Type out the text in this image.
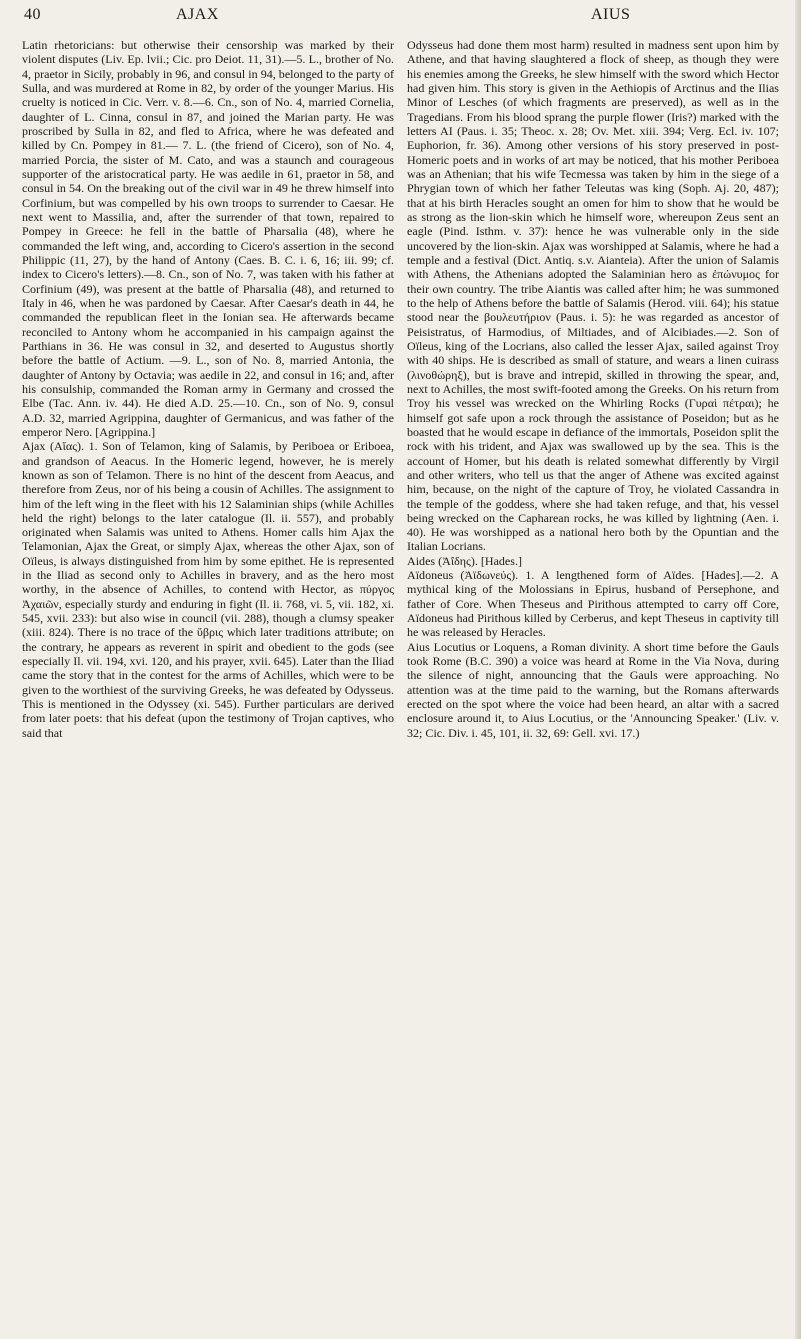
40	AJAX	AIUS

Latin rhetoricians: but otherwise their censorship was marked by their violent disputes (Liv. Ep. lvii.; Cic. pro Deiot. 11, 31).—5. L., brother of No. 4, praetor in Sicily, probably in 96, and consul in 94, belonged to the party of Sulla, and was murdered at Rome in 82, by order of the younger Marius. His cruelty is noticed in Cic. Verr. v. 8.—6. Cn., son of No. 4, married Cornelia, daughter of L. Cinna, consul in 87, and joined the Marian party. He was proscribed by Sulla in 82, and fled to Africa, where he was defeated and killed by Cn. Pompey in 81.— 7. L. (the friend of Cicero), son of No. 4, married Porcia, the sister of M. Cato, and was a staunch and courageous supporter of the aristocratical party. He was aedile in 61, praetor in 58, and consul in 54. On the breaking out of the civil war in 49 he threw himself into Corfinium, but was compelled by his own troops to surrender to Caesar. He next went to Massilia, and, after the surrender of that town, repaired to Pompey in Greece: he fell in the battle of Pharsalia (48), where he commanded the left wing, and, according to Cicero's assertion in the second Philippic (11, 27), by the hand of Antony (Caes. B. C. i. 6, 16; iii. 99; cf. index to Cicero's letters).—8. Cn., son of No. 7, was taken with his father at Corfinium (49), was present at the battle of Pharsalia (48), and returned to Italy in 46, when he was pardoned by Caesar. After Caesar's death in 44, he commanded the republican fleet in the Ionian sea. He afterwards became reconciled to Antony whom he accompanied in his campaign against the Parthians in 36. He was consul in 32, and deserted to Augustus shortly before the battle of Actium. —9. L., son of No. 8, married Antonia, the daughter of Antony by Octavia; was aedile in 22, and consul in 16; and, after his consulship, commanded the Roman army in Germany and crossed the Elbe (Tac. Ann. iv. 44). He died A.D. 25.—10. Cn., son of No. 9, consul A.D. 32, married Agrippina, daughter of Germanicus, and was father of the emperor Nero. [Agrippina.]

Ajax (Αἴας). 1. Son of Telamon, king of Salamis, by Periboea or Eriboea, and grandson of Aeacus. In the Homeric legend, however, he is merely known as son of Telamon. There is no hint of the descent from Aeacus, and therefore from Zeus, nor of his being a cousin of Achilles. The assignment to him of the left wing in the fleet with his 12 Salaminian ships (while Achilles held the right) belongs to the later catalogue (Il. ii. 557), and probably originated when Salamis was united to Athens. Homer calls him Ajax the Telamonian, Ajax the Great, or simply Ajax, whereas the other Ajax, son of Oïleus, is always distinguished from him by some epithet. He is represented in the Iliad as second only to Achilles in bravery, and as the hero most worthy, in the absence of Achilles, to contend with Hector, as πύργος Ἀχαιῶν, especially sturdy and enduring in fight (Il. ii. 768, vi. 5, vii. 182, xi. 545, xvii. 233): but also wise in council (vii. 288), though a clumsy speaker (xiii. 824). There is no trace of the ὕβρις which later traditions attribute; on the contrary, he appears as reverent in spirit and obedient to the gods (see especially Il. vii. 194, xvi. 120, and his prayer, xvii. 645). Later than the Iliad came the story that in the contest for the arms of Achilles, which were to be given to the worthiest of the surviving Greeks, he was defeated by Odysseus. This is mentioned in the Odyssey (xi. 545). Further particulars are derived from later poets: that his defeat (upon the testimony of Trojan captives, who said that

Odysseus had done them most harm) resulted in madness sent upon him by Athene, and that having slaughtered a flock of sheep, as though they were his enemies among the Greeks, he slew himself with the sword which Hector had given him. This story is given in the Aethiopis of Arctinus and the Ilias Minor of Lesches (of which fragments are preserved), as well as in the Tragedians. From his blood sprang the purple flower (Iris?) marked with the letters AI (Paus. i. 35; Theoc. x. 28; Ov. Met. xiii. 394; Verg. Ecl. iv. 107; Euphorion, fr. 36). Among other versions of his story preserved in post-Homeric poets and in works of art may be noticed, that his mother Periboea was an Athenian; that his wife Tecmessa was taken by him in the siege of a Phrygian town of which her father Teleutas was king (Soph. Aj. 20, 487); that at his birth Heracles sought an omen for him to show that he would be as strong as the lion-skin which he himself wore, whereupon Zeus sent an eagle (Pind. Isthm. v. 37): hence he was vulnerable only in the side uncovered by the lion-skin. Ajax was worshipped at Salamis, where he had a temple and a festival (Dict. Antiq. s.v. Aianteia). After the union of Salamis with Athens, the Athenians adopted the Salaminian hero as ἐπώνυμος for their own country. The tribe Aiantis was called after him; he was summoned to the help of Athens before the battle of Salamis (Herod. viii. 64); his statue stood near the βουλευτήριον (Paus. i. 5): he was regarded as ancestor of Peisistratus, of Harmodius, of Miltiades, and of Alcibiades.—2. Son of Oïleus, king of the Locrians, also called the lesser Ajax, sailed against Troy with 40 ships. He is described as small of stature, and wears a linen cuirass (λινοθώρηξ), but is brave and intrepid, skilled in throwing the spear, and, next to Achilles, the most swift-footed among the Greeks. On his return from Troy his vessel was wrecked on the Whirling Rocks (Γυραὶ πέτραι); he himself got safe upon a rock through the assistance of Poseidon; but as he boasted that he would escape in defiance of the immortals, Poseidon split the rock with his trident, and Ajax was swallowed up by the sea. This is the account of Homer, but his death is related somewhat differently by Virgil and other writers, who tell us that the anger of Athene was excited against him, because, on the night of the capture of Troy, he violated Cassandra in the temple of the goddess, where she had taken refuge, and that, his vessel being wrecked on the Capharean rocks, he was killed by lightning (Aen. i. 40). He was worshipped as a national hero both by the Opuntian and the Italian Locrians.

Aides (Ἀΐδης). [Hades.]

Aïdoneus (Ἀϊδωνεύς). 1. A lengthened form of Aïdes. [Hades].—2. A mythical king of the Molossians in Epirus, husband of Persephone, and father of Core. When Theseus and Pirithous attempted to carry off Core, Aïdoneus had Pirithous killed by Cerberus, and kept Theseus in captivity till he was released by Heracles.

Aius Locutius or Loquens, a Roman divinity. A short time before the Gauls took Rome (B.C. 390) a voice was heard at Rome in the Via Nova, during the silence of night, announcing that the Gauls were approaching. No attention was at the time paid to the warning, but the Romans afterwards erected on the spot where the voice had been heard, an altar with a sacred enclosure around it, to Aius Locutius, or the 'Announcing Speaker.' (Liv. v. 32; Cic. Div. i. 45, 101, ii. 32, 69: Gell. xvi. 17.)
